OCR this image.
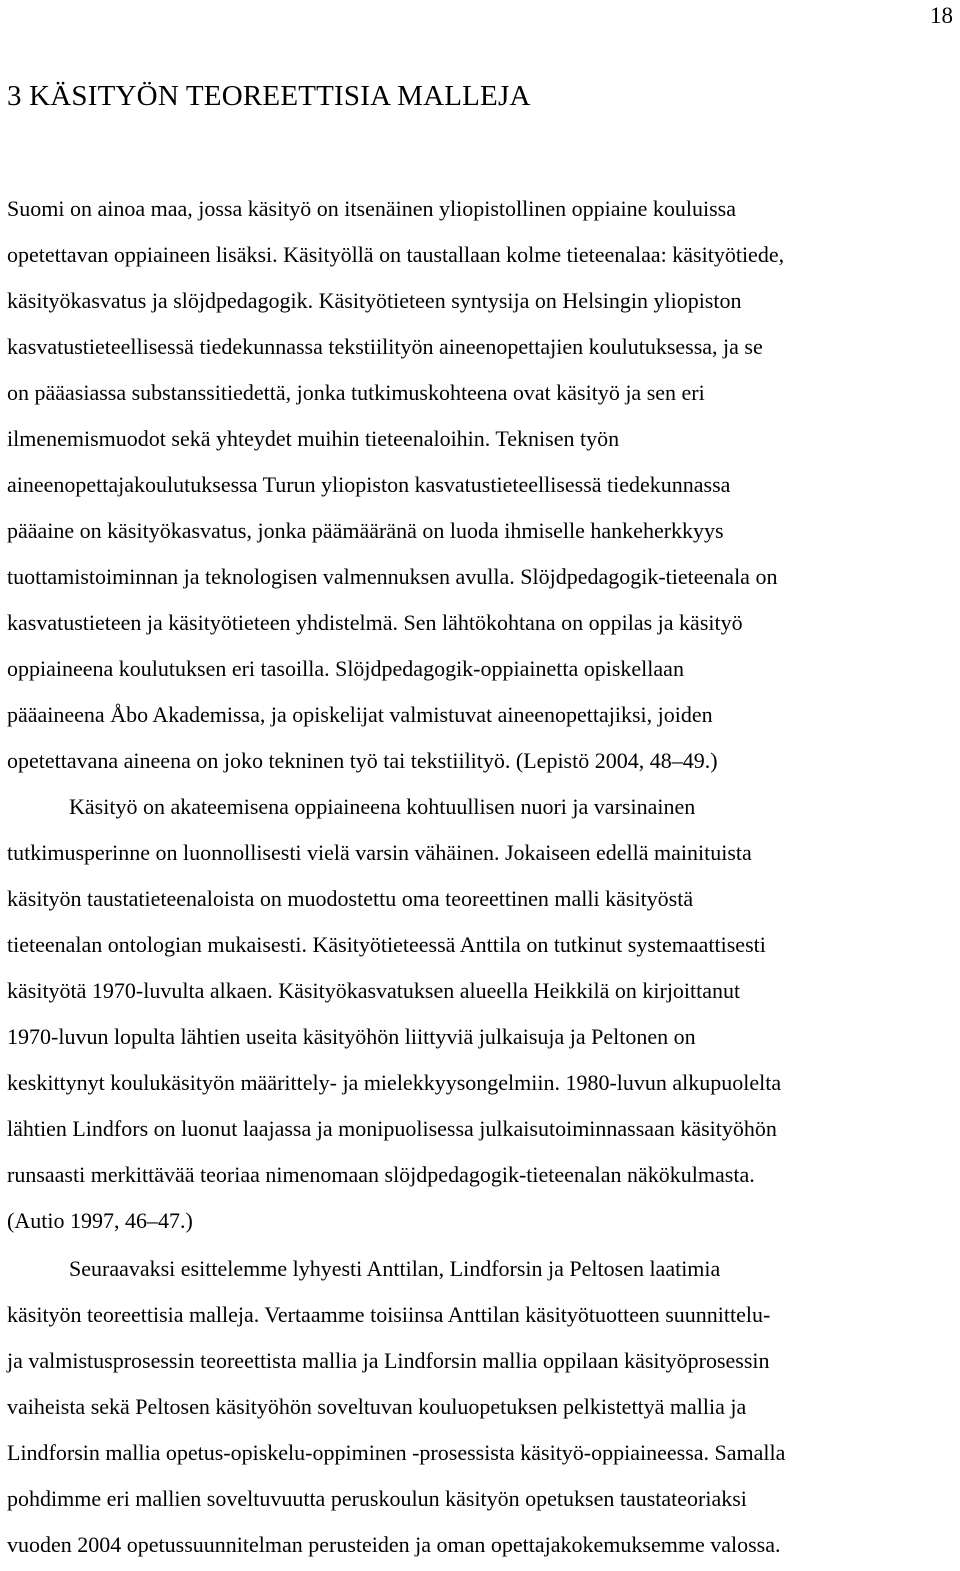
18
3 KÄSITYÖN TEOREETTISIA MALLEJA
Suomi on ainoa maa, jossa käsityö on itsenäinen yliopistollinen oppiaine kouluissa
opetettavan oppiaineen lisäksi. Käsityöllä on taustallaan kolme tieteenalaa: käsityötiede,
käsityökasvatus ja slöjdpedagogik. Käsityötieteen syntysija on Helsingin yliopiston
kasvatustieteellisessä tiedekunnassa tekstiilityön aineenopettajien koulutuksessa, ja se
on pääasiassa substanssitiedettä, jonka tutkimuskohteena ovat käsityö ja sen eri
ilmenemismuodot sekä yhteydet muihin tieteenaloihin. Teknisen työn
aineenopettajakoulutuksessa Turun yliopiston kasvatustieteellisessä tiedekunnassa
pääaine on käsityökasvatus, jonka päämääränä on luoda ihmiselle hankeherkkyys
tuottamistoiminnan ja teknologisen valmennuksen avulla. Slöjdpedagogik-tieteenala on
kasvatustieteen ja käsityötieteen yhdistelmä. Sen lähtökohtana on oppilas ja käsityö
oppiaineena koulutuksen eri tasoilla. Slöjdpedagogik-oppiainetta opiskellaan
pääaineena Åbo Akademissa, ja opiskelijat valmistuvat aineenopettajiksi, joiden
opetettavana aineena on joko tekninen työ tai tekstiilityö. (Lepistö 2004, 48–49.)
Käsityö on akateemisena oppiaineena kohtuullisen nuori ja varsinainen
tutkimusperinne on luonnollisesti vielä varsin vähäinen. Jokaiseen edellä mainituista
käsityön taustatieteenaloista on muodostettu oma teoreettinen malli käsityöstä
tieteenalan ontologian mukaisesti. Käsityötieteessä Anttila on tutkinut systemaattisesti
käsityötä 1970-luvulta alkaen. Käsityökasvatuksen alueella Heikkilä on kirjoittanut
1970-luvun lopulta lähtien useita käsityöhön liittyviä julkaisuja ja Peltonen on
keskittynyt koulukäsityön määrittely- ja mielekkyysongelmiin. 1980-luvun alkupuolelta
lähtien Lindfors on luonut laajassa ja monipuolisessa julkaisutoiminnassaan käsityöhön
runsaasti merkittävää teoriaa nimenomaan slöjdpedagogik-tieteenalan näkökulmasta.
(Autio 1997, 46–47.)
Seuraavaksi esittelemme lyhyesti Anttilan, Lindforsin ja Peltosen laatimia
käsityön teoreettisia malleja. Vertaamme toisiinsa Anttilan käsityötuotteen suunnittelu-
ja valmistusprosessin teoreettista mallia ja Lindforsin mallia oppilaan käsityöprosessin
vaiheista sekä Peltosen käsityöhön soveltuvan kouluopetuksen pelkistettyä mallia ja
Lindforsin mallia opetus-opiskelu-oppiminen -prosessista käsityö-oppiaineessa. Samalla
pohdimme eri mallien soveltuvuutta peruskoulun käsityön opetuksen taustateoriaksi
vuoden 2004 opetussuunnitelman perusteiden ja oman opettajakokemuksemme valossa.
